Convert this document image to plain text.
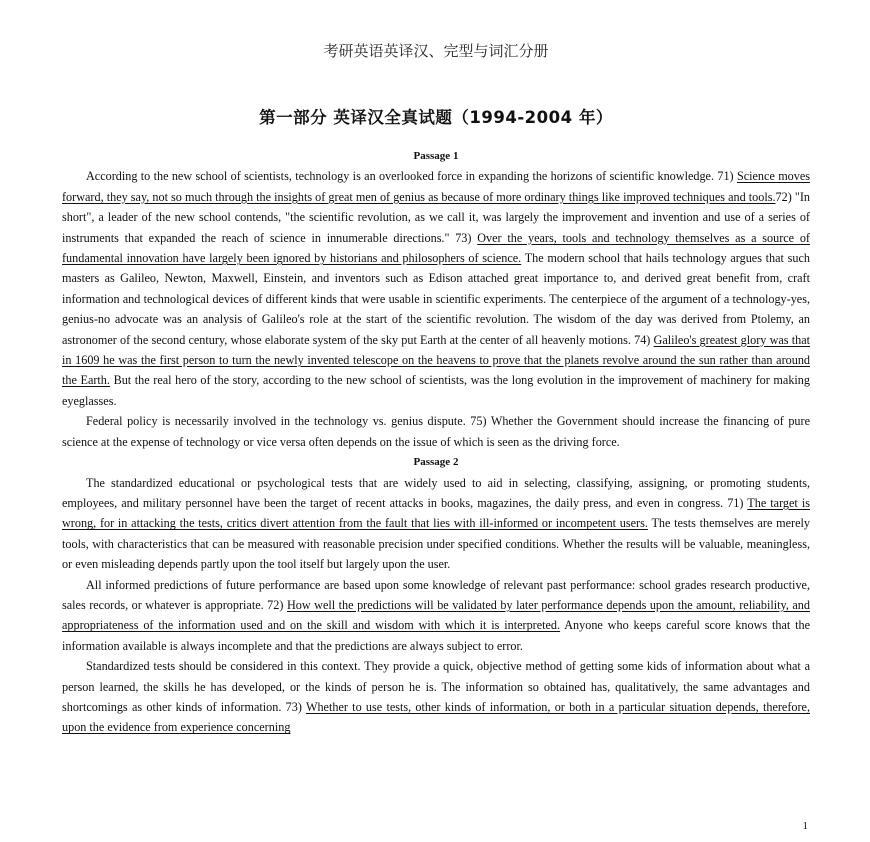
考研英语英译汉、完型与词汇分册
第一部分 英译汉全真试题（1994-2004 年）
Passage 1

According to the new school of scientists, technology is an overlooked force in expanding the horizons of scientific knowledge. 71) Science moves forward, they say, not so much through the insights of great men of genius as because of more ordinary things like improved techniques and tools.72) "In short", a leader of the new school contends, "the scientific revolution, as we call it, was largely the improvement and invention and use of a series of instruments that expanded the reach of science in innumerable directions." 73) Over the years, tools and technology themselves as a source of fundamental innovation have largely been ignored by historians and philosophers of science. The modern school that hails technology argues that such masters as Galileo, Newton, Maxwell, Einstein, and inventors such as Edison attached great importance to, and derived great benefit from, craft information and technological devices of different kinds that were usable in scientific experiments. The centerpiece of the argument of a technology-yes, genius-no advocate was an analysis of Galileo's role at the start of the scientific revolution. The wisdom of the day was derived from Ptolemy, an astronomer of the second century, whose elaborate system of the sky put Earth at the center of all heavenly motions. 74) Galileo's greatest glory was that in 1609 he was the first person to turn the newly invented telescope on the heavens to prove that the planets revolve around the sun rather than around the Earth. But the real hero of the story, according to the new school of scientists, was the long evolution in the improvement of machinery for making eyeglasses.

Federal policy is necessarily involved in the technology vs. genius dispute. 75) Whether the Government should increase the financing of pure science at the expense of technology or vice versa often depends on the issue of which is seen as the driving force.

Passage 2

The standardized educational or psychological tests that are widely used to aid in selecting, classifying, assigning, or promoting students, employees, and military personnel have been the target of recent attacks in books, magazines, the daily press, and even in congress. 71) The target is wrong, for in attacking the tests, critics divert attention from the fault that lies with ill-informed or incompetent users. The tests themselves are merely tools, with characteristics that can be measured with reasonable precision under specified conditions. Whether the results will be valuable, meaningless, or even misleading depends partly upon the tool itself but largely upon the user.

All informed predictions of future performance are based upon some knowledge of relevant past performance: school grades research productive, sales records, or whatever is appropriate. 72) How well the predictions will be validated by later performance depends upon the amount, reliability, and appropriateness of the information used and on the skill and wisdom with which it is interpreted. Anyone who keeps careful score knows that the information available is always incomplete and that the predictions are always subject to error.

Standardized tests should be considered in this context. They provide a quick, objective method of getting some kids of information about what a person learned, the skills he has developed, or the kinds of person he is. The information so obtained has, qualitatively, the same advantages and shortcomings as other kinds of information. 73) Whether to use tests, other kinds of information, or both in a particular situation depends, therefore, upon the evidence from experience concerning

1
